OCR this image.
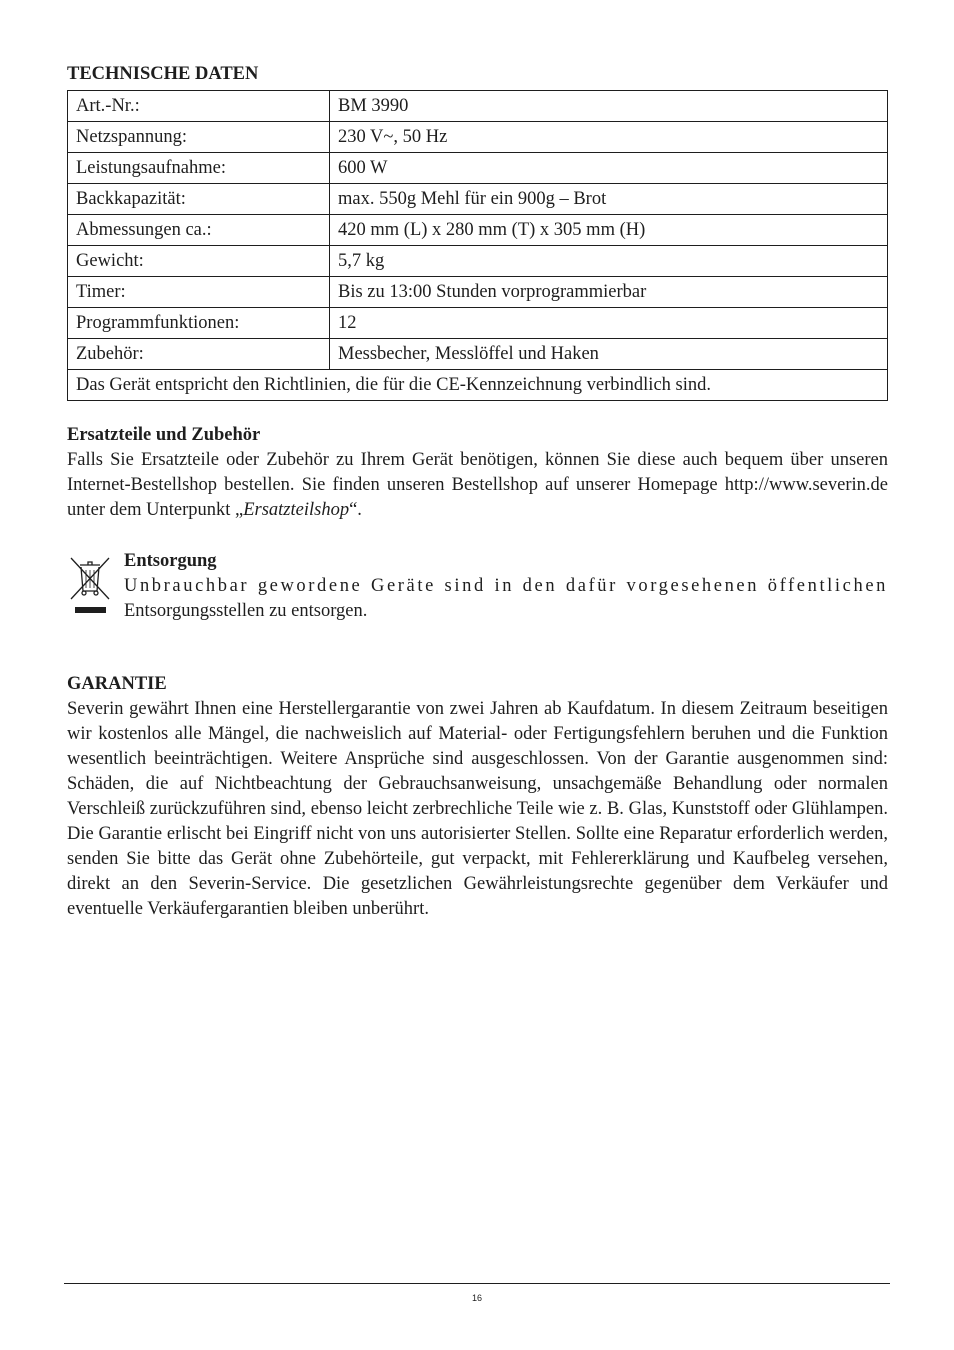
TECHNISCHE DATEN
Art.-Nr.:	BM 3990
Netzspannung:	230 V~, 50 Hz
Leistungsaufnahme:	600 W
Backkapazität:	max. 550g Mehl für ein 900g – Brot
Abmessungen ca.:	420 mm (L) x 280 mm (T) x 305 mm (H)
Gewicht:	5,7 kg
Timer:	Bis zu 13:00 Stunden vorprogrammierbar
Programmfunktionen:	12
Zubehör:	Messbecher, Messlöffel und Haken
Das Gerät entspricht den Richtlinien, die für die CE-Kennzeichnung verbindlich sind.	

Ersatzteile und Zubehör

Falls Sie Ersatzteile oder Zubehör zu Ihrem Gerät benötigen, können Sie diese auch bequem über unseren Internet-Bestellshop bestellen. Sie finden unseren Bestellshop auf unserer Homepage http://www.severin.de unter dem Unterpunkt „Ersatzteilshop“.

Entsorgung

Unbrauchbar gewordene Geräte sind in den dafür vorgesehenen öffentlichen

Entsorgungsstellen zu entsorgen.

GARANTIE

Severin gewährt Ihnen eine Herstellergarantie von zwei Jahren ab Kaufdatum. In diesem Zeitraum beseitigen wir kostenlos alle Mängel, die nachweislich auf Material- oder Fertigungsfehlern beruhen und die Funktion wesentlich beeinträchtigen. Weitere Ansprüche sind ausgeschlossen. Von der Garantie ausgenommen sind: Schäden, die auf Nichtbeachtung der Gebrauchsanweisung, unsachgemäße Behandlung oder normalen Verschleiß zurückzuführen sind, ebenso leicht zerbrechliche Teile wie z. B. Glas, Kunststoff oder Glühlampen. Die Garantie erlischt bei Eingriff nicht von uns autorisierter Stellen. Sollte eine Reparatur erforderlich werden, senden Sie bitte das Gerät ohne Zubehörteile, gut verpackt, mit Fehlererklärung und Kaufbeleg versehen, direkt an den Severin-Service. Die gesetzlichen Gewährleistungsrechte gegenüber dem Verkäufer und eventuelle Verkäufergarantien bleiben unberührt.

16
